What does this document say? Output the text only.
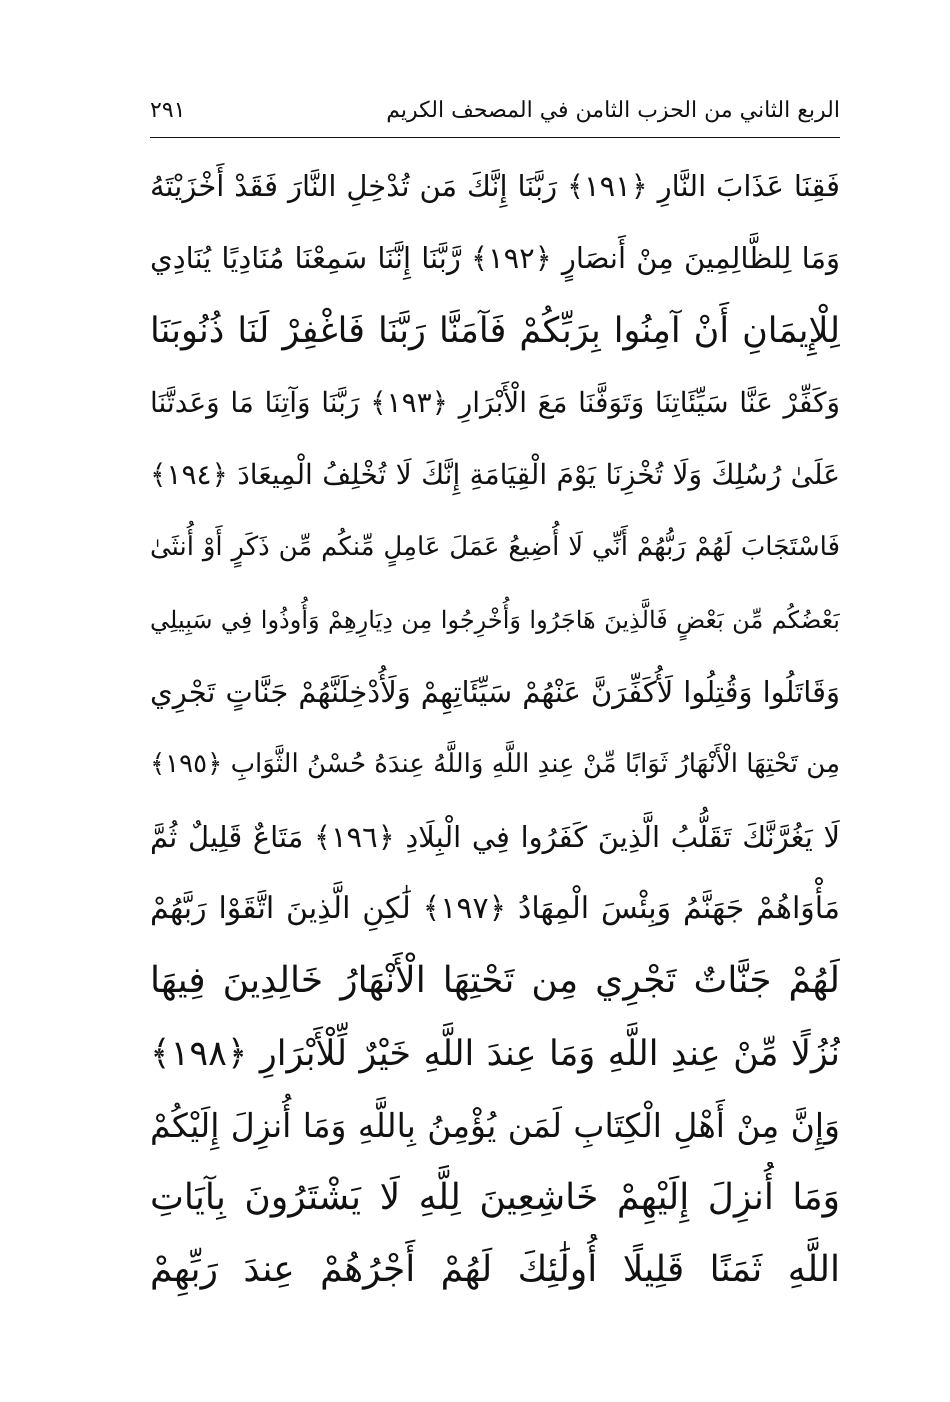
الربع الثاني من الحزب الثامن في المصحف الكريم
٢٩١
فَقِنَا عَذَابَ النَّارِ ﴿١٩١﴾ رَبَّنَا إِنَّكَ مَن تُدْخِلِ النَّارَ فَقَدْ أَخْزَيْتَهُ
وَمَا لِلظَّالِمِينَ مِنْ أَنصَارٍ ﴿١٩٢﴾ رَّبَّنَا إِنَّنَا سَمِعْنَا مُنَادِيًا يُنَادِي
لِلْإِيمَانِ أَنْ آمِنُوا بِرَبِّكُمْ فَآمَنَّا رَبَّنَا فَاغْفِرْ لَنَا ذُنُوبَنَا
وَكَفِّرْ عَنَّا سَيِّئَاتِنَا وَتَوَفَّنَا مَعَ الْأَبْرَارِ ﴿١٩٣﴾ رَبَّنَا وَآتِنَا مَا وَعَدتَّنَا
عَلَىٰ رُسُلِكَ وَلَا تُخْزِنَا يَوْمَ الْقِيَامَةِ إِنَّكَ لَا تُخْلِفُ الْمِيعَادَ ﴿١٩٤﴾
فَاسْتَجَابَ لَهُمْ رَبُّهُمْ أَنِّي لَا أُضِيعُ عَمَلَ عَامِلٍ مِّنكُم مِّن ذَكَرٍ أَوْ أُنثَىٰ
بَعْضُكُم مِّن بَعْضٍ فَالَّذِينَ هَاجَرُوا وَأُخْرِجُوا مِن دِيَارِهِمْ وَأُوذُوا فِي سَبِيلِي
وَقَاتَلُوا وَقُتِلُوا لَأُكَفِّرَنَّ عَنْهُمْ سَيِّئَاتِهِمْ وَلَأُدْخِلَنَّهُمْ جَنَّاتٍ تَجْرِي
مِن تَحْتِهَا الْأَنْهَارُ ثَوَابًا مِّنْ عِندِ اللَّهِ وَاللَّهُ عِندَهُ حُسْنُ الثَّوَابِ ﴿١٩٥﴾
لَا يَغُرَّنَّكَ تَقَلُّبُ الَّذِينَ كَفَرُوا فِي الْبِلَادِ ﴿١٩٦﴾ مَتَاعٌ قَلِيلٌ ثُمَّ
مَأْوَاهُمْ جَهَنَّمُ وَبِئْسَ الْمِهَادُ ﴿١٩٧﴾ لَٰكِنِ الَّذِينَ اتَّقَوْا رَبَّهُمْ
لَهُمْ جَنَّاتٌ تَجْرِي مِن تَحْتِهَا الْأَنْهَارُ خَالِدِينَ فِيهَا
نُزُلًا مِّنْ عِندِ اللَّهِ وَمَا عِندَ اللَّهِ خَيْرٌ لِّلْأَبْرَارِ ﴿١٩٨﴾
وَإِنَّ مِنْ أَهْلِ الْكِتَابِ لَمَن يُؤْمِنُ بِاللَّهِ وَمَا أُنزِلَ إِلَيْكُمْ
وَمَا أُنزِلَ إِلَيْهِمْ خَاشِعِينَ لِلَّهِ لَا يَشْتَرُونَ بِآيَاتِ
اللَّهِ ثَمَنًا قَلِيلًا أُولَٰئِكَ لَهُمْ أَجْرُهُمْ عِندَ رَبِّهِمْ
